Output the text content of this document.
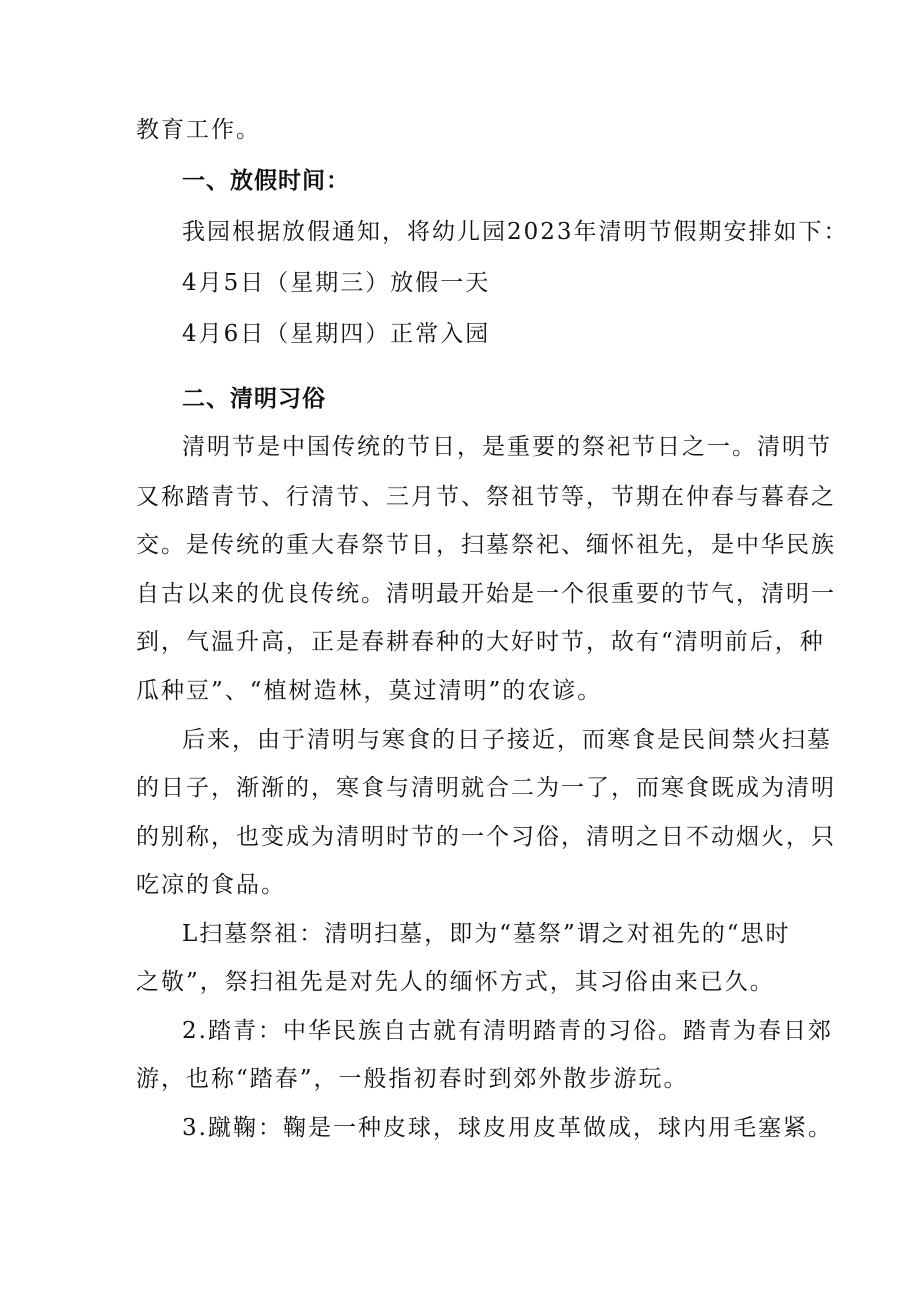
教育工作。
一、放假时间：
我园根据放假通知，将幼儿园2023年清明节假期安排如下：
4月5日（星期三）放假一天
4月6日（星期四）正常入园
二、清明习俗
清明节是中国传统的节日，是重要的祭祀节日之一。清明节
又称踏青节、行清节、三月节、祭祖节等，节期在仲春与暮春之
交。是传统的重大春祭节日，扫墓祭祀、缅怀祖先，是中华民族
自古以来的优良传统。清明最开始是一个很重要的节气，清明一
到，气温升高，正是春耕春种的大好时节，故有“清明前后，种
瓜种豆”、“植树造林，莫过清明”的农谚。
后来，由于清明与寒食的日子接近，而寒食是民间禁火扫墓
的日子，渐渐的，寒食与清明就合二为一了，而寒食既成为清明
的别称，也变成为清明时节的一个习俗，清明之日不动烟火，只
吃凉的食品。
L扫墓祭祖：清明扫墓，即为“墓祭”谓之对祖先的“思时
之敬”，祭扫祖先是对先人的缅怀方式，其习俗由来已久。
2.踏青：中华民族自古就有清明踏青的习俗。踏青为春日郊
游，也称“踏春”，一般指初春时到郊外散步游玩。
3.蹴鞠：鞠是一种皮球，球皮用皮革做成，球内用毛塞紧。
